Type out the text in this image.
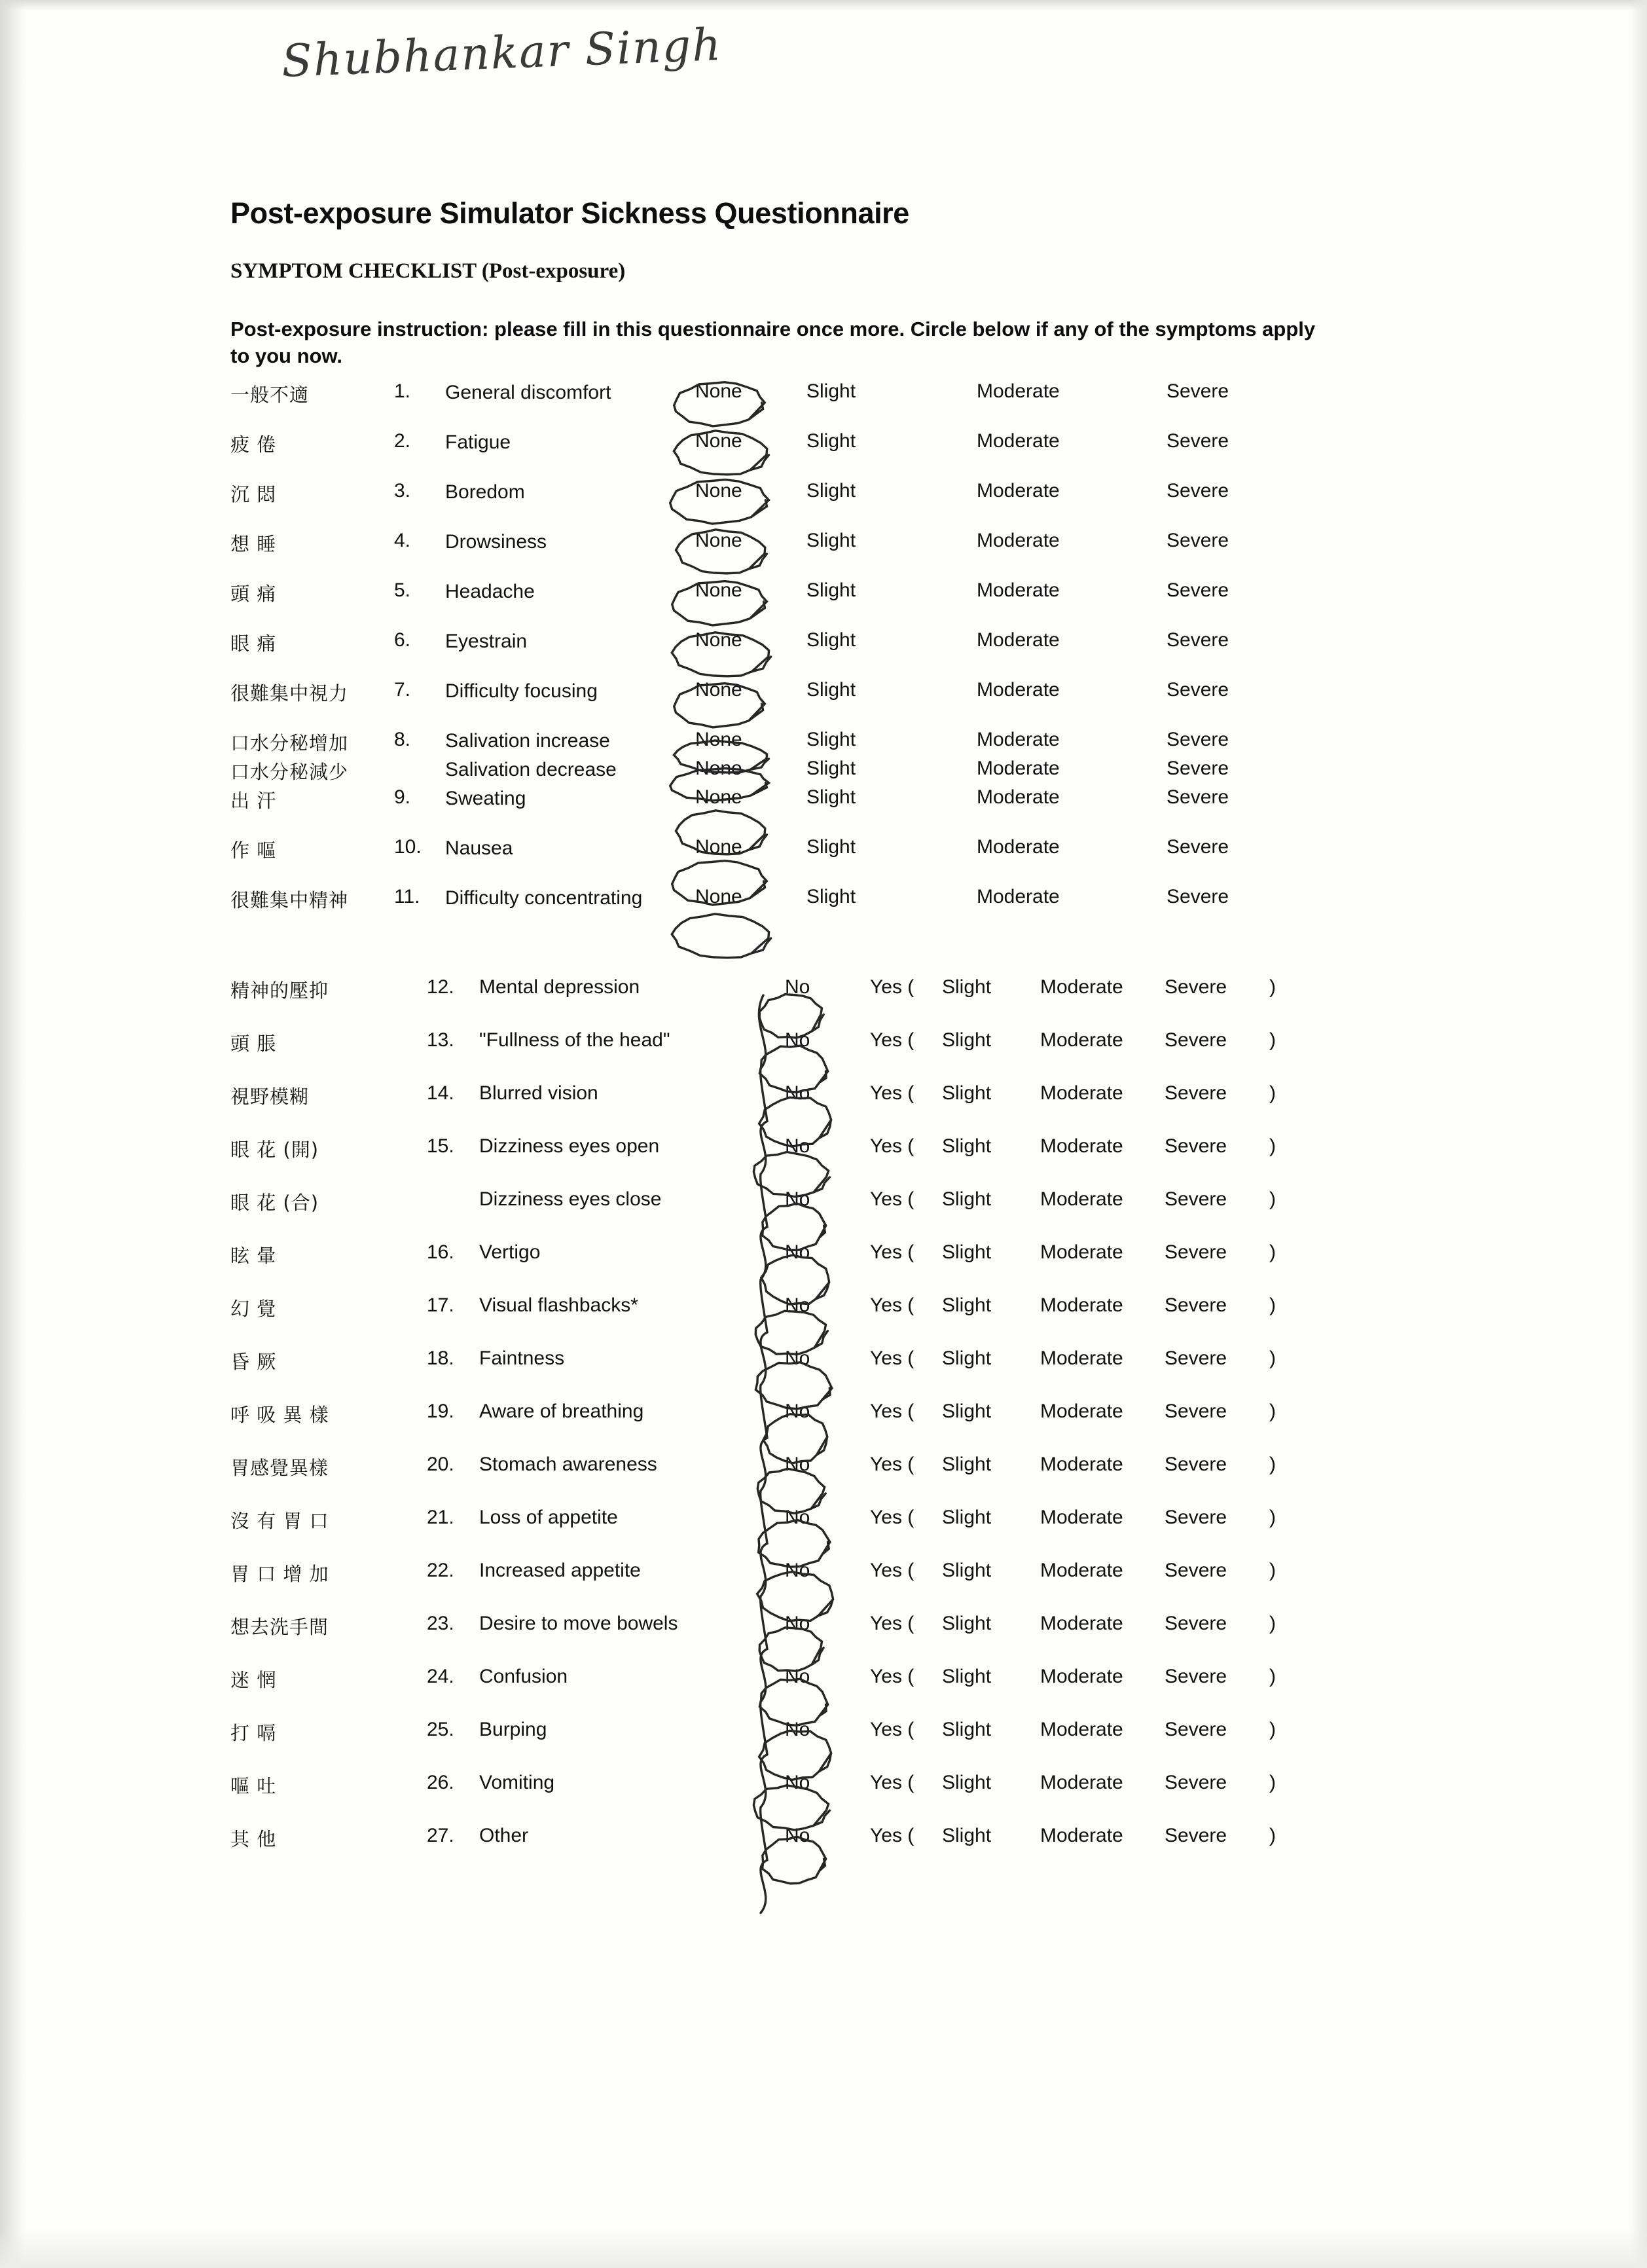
Shubhankar Singh
Post-exposure Simulator Sickness Questionnaire
SYMPTOM CHECKLIST (Post-exposure)
Post-exposure instruction: please fill in this questionnaire once more. Circle below if any of the symptoms apply to you now.
一般不適	1.	General discomfort	None	Slight	Moderate	Severe
疲 倦	2.	Fatigue	None	Slight	Moderate	Severe
沉 悶	3.	Boredom	None	Slight	Moderate	Severe
想 睡	4.	Drowsiness	None	Slight	Moderate	Severe
頭 痛	5.	Headache	None	Slight	Moderate	Severe
眼 痛	6.	Eyestrain	None	Slight	Moderate	Severe
很難集中視力	7.	Difficulty focusing	None	Slight	Moderate	Severe
口水分秘增加	8.	Salivation increase	None	Slight	Moderate	Severe
口水分秘減少	Salivation decrease	None	Slight	Moderate	Severe
出 汗	9.	Sweating	None	Slight	Moderate	Severe
作 嘔	10.	Nausea	None	Slight	Moderate	Severe
很難集中精神	11.	Difficulty concentrating	None	Slight	Moderate	Severe
精神的壓抑	12.	Mental depression	No	Yes (	Slight	Moderate	Severe	)
頭 脹	13.	"Fullness of the head"	No	Yes (	Slight	Moderate	Severe	)
視野模糊	14.	Blurred vision	No	Yes (	Slight	Moderate	Severe	)
眼 花 (開)	15.	Dizziness eyes open	No	Yes (	Slight	Moderate	Severe	)
眼 花 (合)	Dizziness eyes close	No	Yes (	Slight	Moderate	Severe	)
眩 暈	16.	Vertigo	No	Yes (	Slight	Moderate	Severe	)
幻 覺	17.	Visual flashbacks*	No	Yes (	Slight	Moderate	Severe	)
昏 厥	18.	Faintness	No	Yes (	Slight	Moderate	Severe	)
呼 吸 異 樣	19.	Aware of breathing	No	Yes (	Slight	Moderate	Severe	)
胃感覺異樣	20.	Stomach awareness	No	Yes (	Slight	Moderate	Severe	)
沒 有 胃 口	21.	Loss of appetite	No	Yes (	Slight	Moderate	Severe	)
胃 口 增 加	22.	Increased appetite	No	Yes (	Slight	Moderate	Severe	)
想去洗手間	23.	Desire to move bowels	No	Yes (	Slight	Moderate	Severe	)
迷 惘	24.	Confusion	No	Yes (	Slight	Moderate	Severe	)
打 嗝	25.	Burping	No	Yes (	Slight	Moderate	Severe	)
嘔 吐	26.	Vomiting	No	Yes (	Slight	Moderate	Severe	)
其 他	27.	Other	No	Yes (	Slight	Moderate	Severe	)
